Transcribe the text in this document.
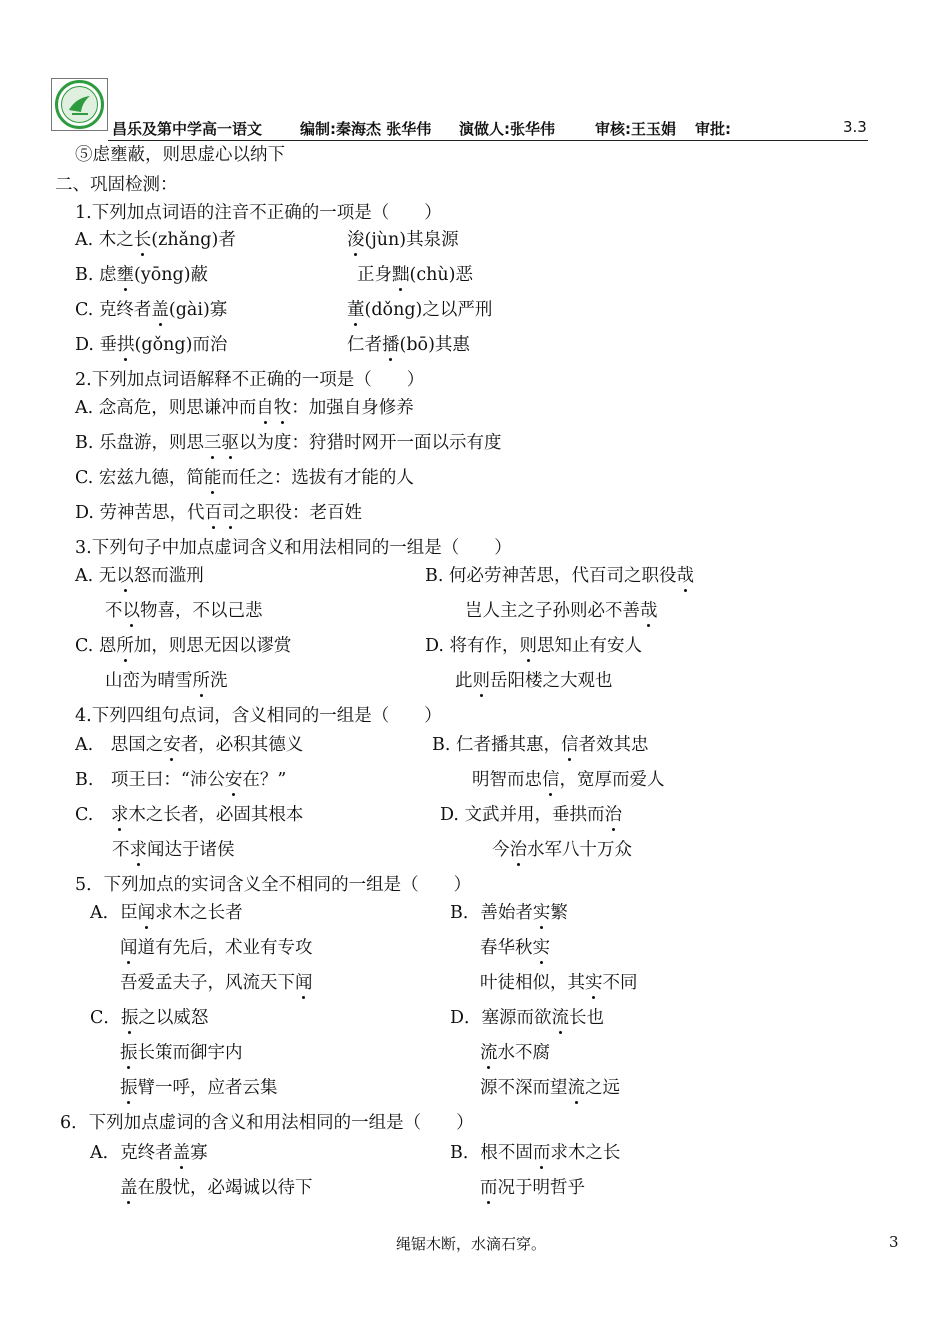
昌乐及第中学高一语文	编制:秦海杰 张华伟 演做人:张华伟	审核:王玉娟 审批:	3.3
⑤虑壅蔽，则思虚心以纳下
二、巩固检测：
1.下列加点词语的注音不正确的一项是（　　）
A. 木之长(zhǎng)者	浚(jùn)其泉源
B. 虑壅(yōng)蔽	正身黜(chù)恶
C. 克终者盖(gài)寡	董(dǒng)之以严刑
D. 垂拱(gǒng)而治	仁者播(bō)其惠
2.下列加点词语解释不正确的一项是（　　）
A. 念高危，则思谦冲而自牧：加强自身修养
B. 乐盘游，则思三驱以为度：狩猎时网开一面以示有度
C. 宏兹九德，简能而任之：选拔有才能的人
D. 劳神苦思，代百司之职役：老百姓
3.下列句子中加点虚词含义和用法相同的一组是（　　）
A. 无以怒而滥刑	B. 何必劳神苦思，代百司之职役哉
不以物喜，不以己悲	岂人主之子孙则必不善哉
C. 恩所加，则思无因以谬赏	D. 将有作，则思知止有安人
山峦为晴雪所洗	此则岳阳楼之大观也
4.下列四组句点词，含义相同的一组是（　　）
A.　思国之安者，必积其德义	B. 仁者播其惠，信者效其忠
B.　项王曰：“沛公安在？”	明智而忠信，宽厚而爱人
C.　求木之长者，必固其根本	D. 文武并用，垂拱而治
不求闻达于诸侯	今治水军八十万众
5．下列加点的实词含义全不相同的一组是（　　）
A．臣闻求木之长者	B．善始者实繁
闻道有先后，术业有专攻	春华秋实
吾爱孟夫子，风流天下闻	叶徒相似，其实不同
C．振之以威怒	D．塞源而欲流长也
振长策而御宇内	流水不腐
振臂一呼，应者云集	源不深而望流之远
6．下列加点虚词的含义和用法相同的一组是（　　）
A．克终者盖寡	B．根不固而求木之长
盖在殷忧，必竭诚以待下	而况于明哲乎
绳锯木断，水滴石穿。	3
